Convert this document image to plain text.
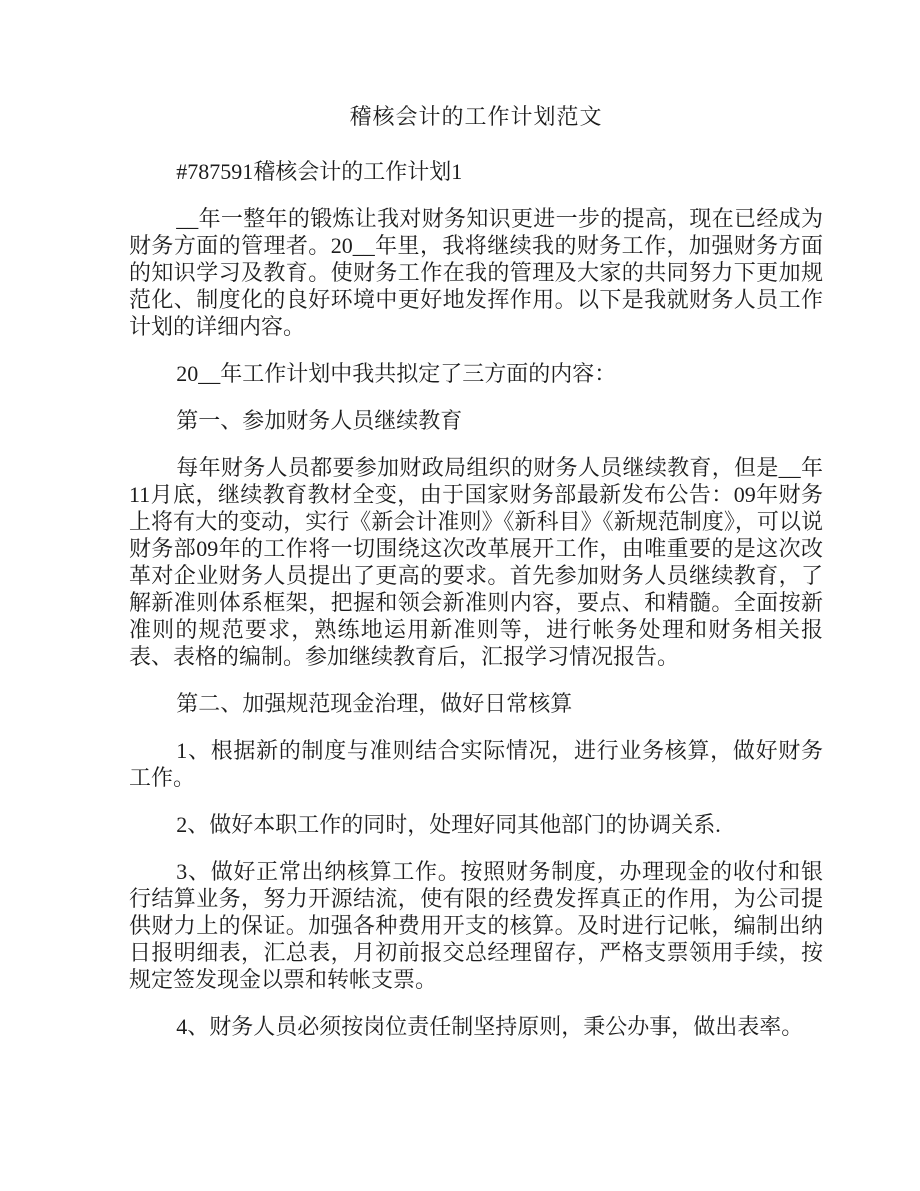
稽核会计的工作计划范文

#787591稽核会计的工作计划1

__年一整年的锻炼让我对财务知识更进一步的提高，现在已经成为财务方面的管理者。20__年里，我将继续我的财务工作，加强财务方面的知识学习及教育。使财务工作在我的管理及大家的共同努力下更加规范化、制度化的良好环境中更好地发挥作用。以下是我就财务人员工作计划的详细内容。

20__年工作计划中我共拟定了三方面的内容：

第一、参加财务人员继续教育

每年财务人员都要参加财政局组织的财务人员继续教育，但是__年11月底，继续教育教材全变，由于国家财务部最新发布公告：09年财务上将有大的变动，实行《新会计准则》《新科目》《新规范制度》，可以说财务部09年的工作将一切围绕这次改革展开工作，由唯重要的是这次改革对企业财务人员提出了更高的要求。首先参加财务人员继续教育，了解新准则体系框架，把握和领会新准则内容，要点、和精髓。全面按新准则的规范要求，熟练地运用新准则等，进行帐务处理和财务相关报表、表格的编制。参加继续教育后，汇报学习情况报告。

第二、加强规范现金治理，做好日常核算

1、根据新的制度与准则结合实际情况，进行业务核算，做好财务工作。

2、做好本职工作的同时，处理好同其他部门的协调关系.

3、做好正常出纳核算工作。按照财务制度，办理现金的收付和银行结算业务，努力开源结流，使有限的经费发挥真正的作用，为公司提供财力上的保证。加强各种费用开支的核算。及时进行记帐，编制出纳日报明细表，汇总表，月初前报交总经理留存，严格支票领用手续，按规定签发现金以票和转帐支票。

4、财务人员必须按岗位责任制坚持原则，秉公办事，做出表率。
